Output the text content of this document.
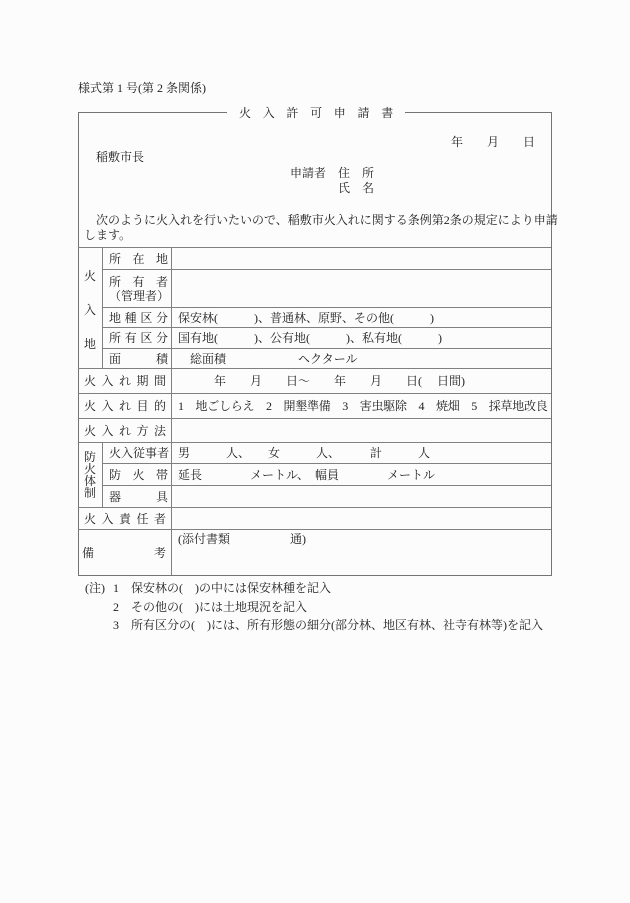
様式第 1 号(第 2 条関係)
火入許可申請書
年 月 日
稲敷市長
申請者 住　所
氏　名
　次のように火入れを行いたいので、稲敷市火入れに関する条例第2条の規定により申請
します。
火
入
地
所 在 地
所 有 者
（ 管 理 者 ）
地 種 区 分 保安林(　　　)、普通林、原野、その他(　　　)
所 有 区 分 国有地(　　　)、公有地(　　　)、私有地(　　　)
面	積 　総面積　　　　　　ヘクタール
火 入 れ 期 間 　　　年　　月　　日～　　年　　月　　日(　 日間)
火 入 れ 目 的 1　地ごしらえ　2　開墾準備　3　害虫駆除　4　焼畑　5　採草地改良
火 入 れ 方 法
防
火
体
制
火 入 従 事 者 男　　　人、　　女　　　人、　　　計　　　人
防 火 帯 延長　　　　メートル、　幅員　　　　メートル
器	具
火 入 責 任 者
備	考
(添付書類　　　　　通)
(注) 1 保安林の(　)の中には保安林種を記入
2 その他の(　)には土地現況を記入
3 所有区分の(　)には、所有形態の細分(部分林、地区有林、社寺有林等)を記入
